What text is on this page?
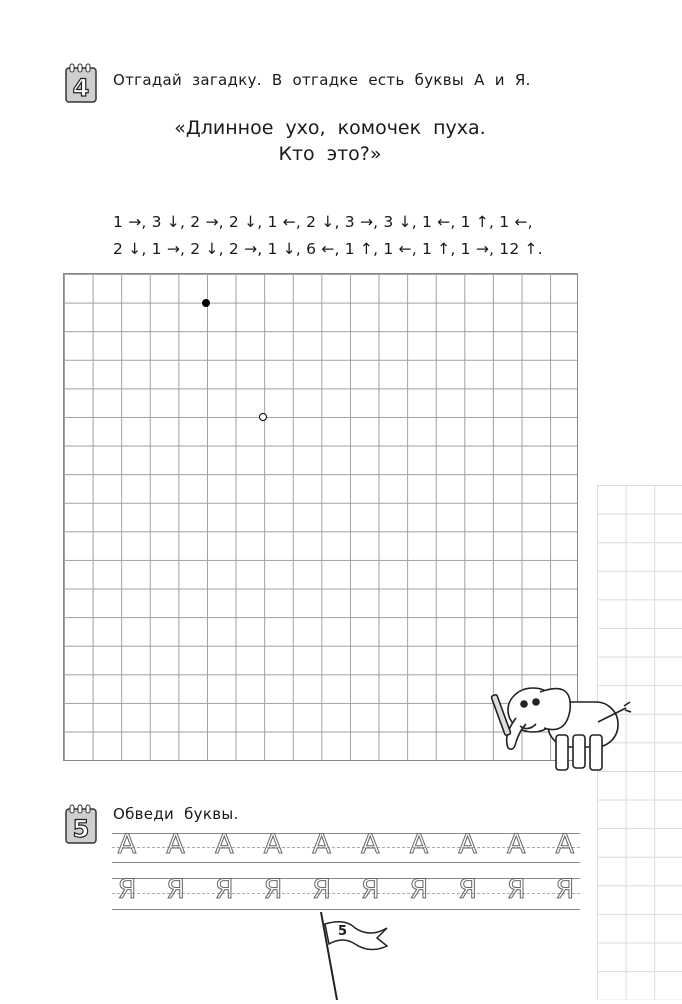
4 Отгадай загадку. В отгадке есть буквы А и Я.
«Длинное ухо, комочек пуха.
Кто это?»
1 →, 3 ↓, 2 →, 2 ↓, 1 ←, 2 ↓, 3 →, 3 ↓, 1 ←, 1 ↑, 1 ←,
2 ↓, 1 →, 2 ↓, 2 →, 1 ↓, 6 ←, 1 ↑, 1 ←, 1 ↑, 1 →, 12 ↑.
5
Обведи буквы.
А А А А А А А А А А
Я Я Я Я Я Я Я Я Я Я
5
